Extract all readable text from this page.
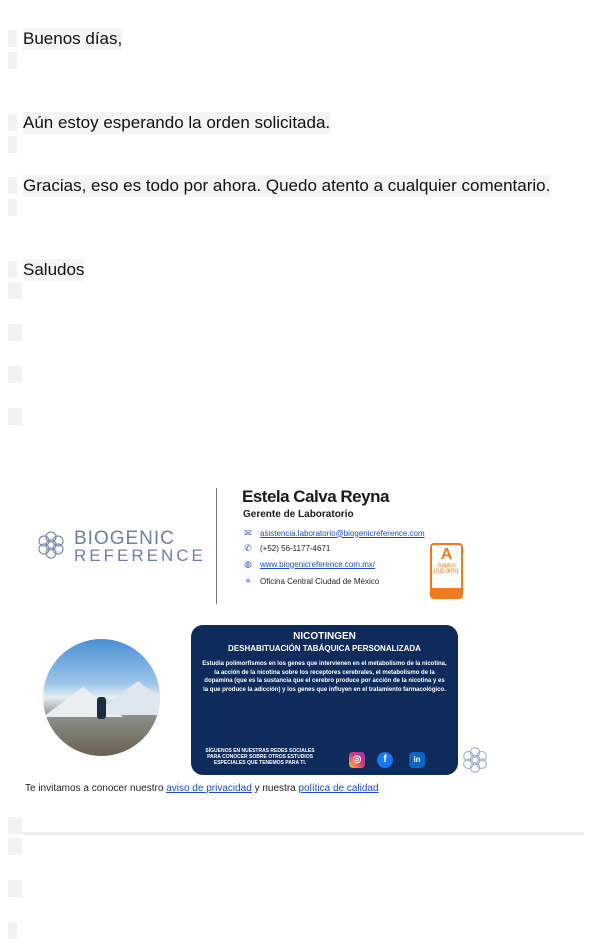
Buenos días,
Aún estoy esperando la orden solicitada.
Gracias, eso es todo por ahora. Quedo atento a cualquier comentario.
Saludos
BIOGENIC
REFERENCE
Estela Calva Reyna
Gerente de Laboratorio
✉ asistencia.laboratorio@biogenicreference.com
✆ (+52) 56-1177-4671
◍ www.biogenicreference.com.mx/
⌖	Oficina Central Ciudad de México
A
Applus
ISO 9001
NICOTINGEN
DESHABITUACIÓN TABÁQUICA PERSONALIZADA
Estudia polimorfismos en los genes que intervienen en el metabolismo de la nicotina, la acción de la nicotina sobre los receptores cerebrales, el metabolismo de la dopamina (que es la sustancia que el cerebro produce por acción de la nicotina y es la que produce la adicción) y los genes que influyen en el tratamiento farmacológico.
SÍGUENOS EN NUESTRAS REDES SOCIALES PARA CONOCER SOBRE OTROS ESTUDIOS ESPECIALES QUE TENEMOS PARA TI.	◎	f	in
Te invitamos a conocer nuestro aviso de privacidad y nuestra política de calidad
